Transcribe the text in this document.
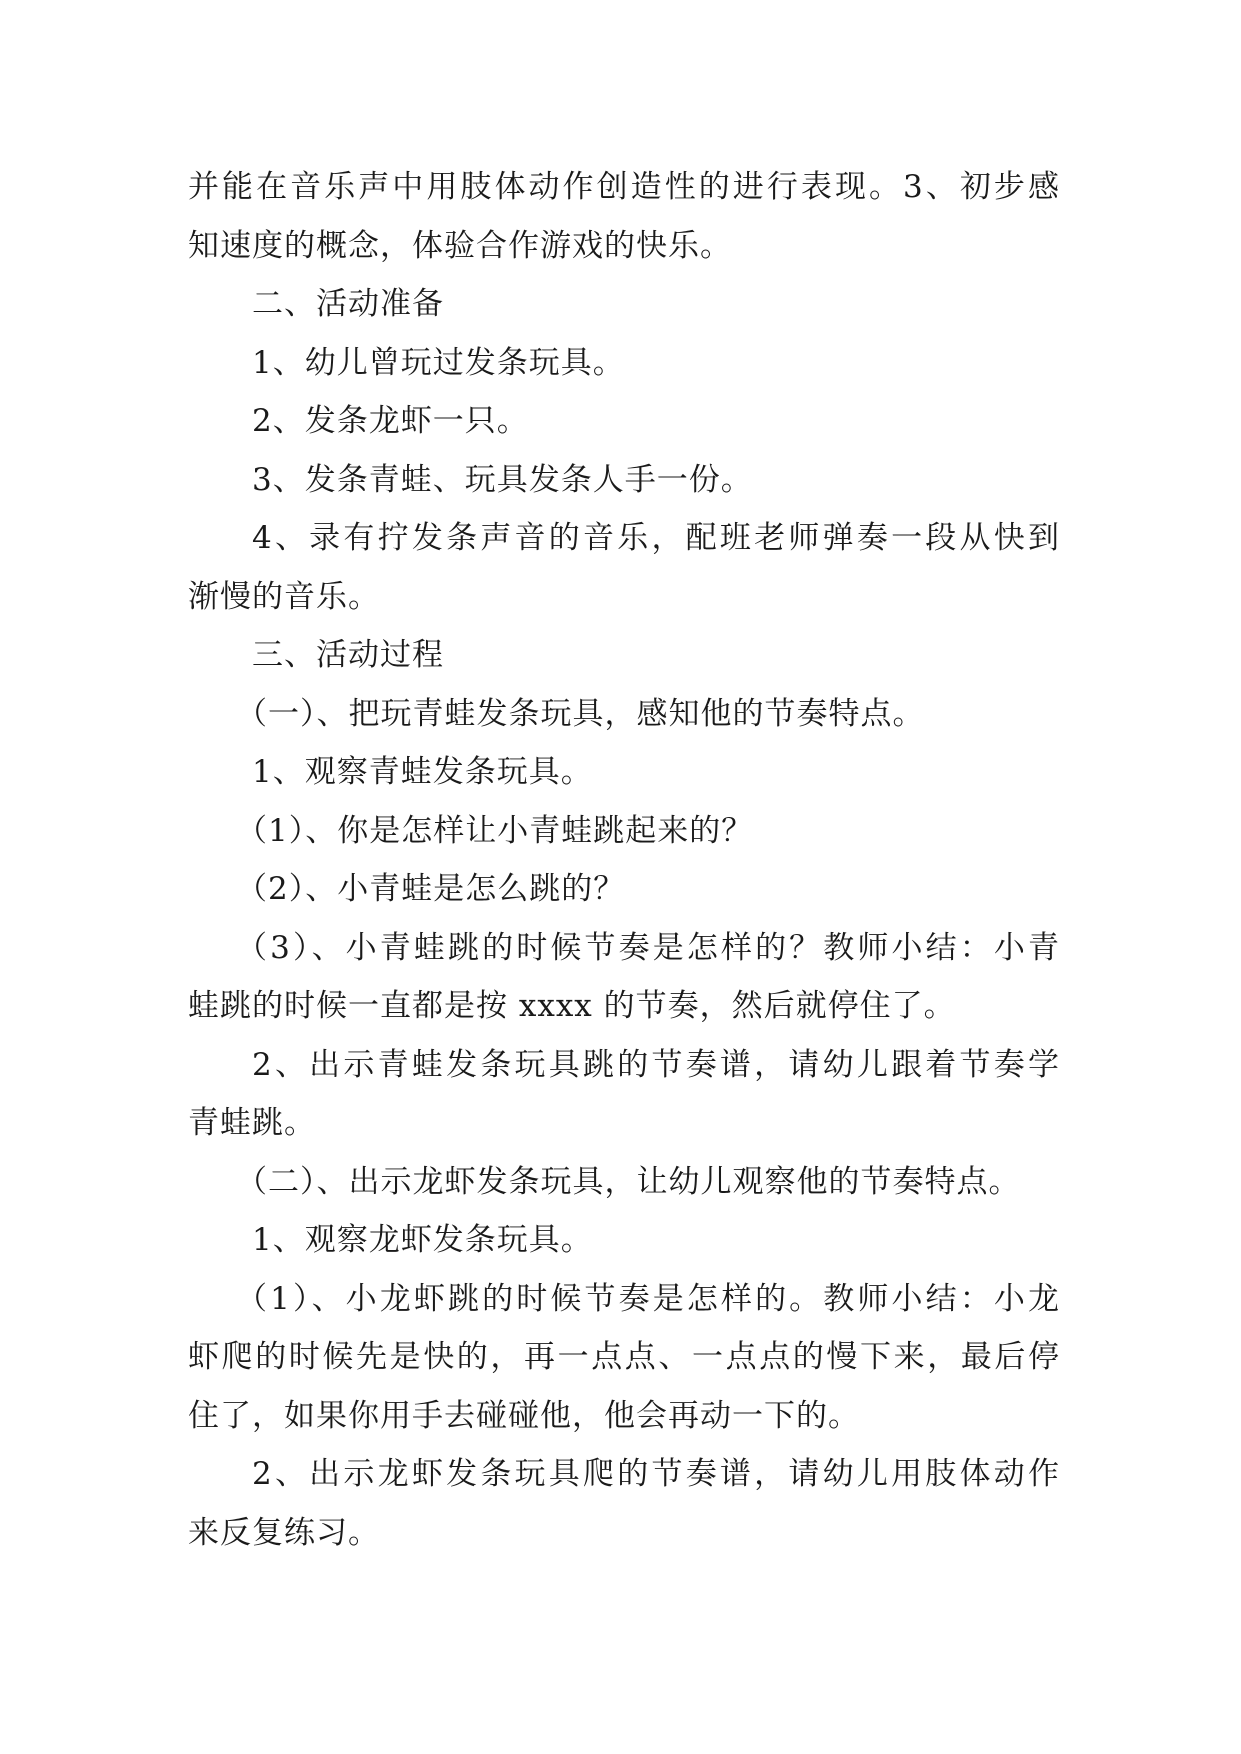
并能在音乐声中用肢体动作创造性的进行表现。3、初步感
知速度的概念，体验合作游戏的快乐。
二、活动准备
1、幼儿曾玩过发条玩具。
2、发条龙虾一只。
3、发条青蛙、玩具发条人手一份。
4、录有拧发条声音的音乐，配班老师弹奏一段从快到
渐慢的音乐。
三、活动过程
（一）、把玩青蛙发条玩具，感知他的节奏特点。
1、观察青蛙发条玩具。
（1）、你是怎样让小青蛙跳起来的？
（2）、小青蛙是怎么跳的？
（3）、小青蛙跳的时候节奏是怎样的？教师小结：小青
蛙跳的时候一直都是按 xxxx 的节奏，然后就停住了。
2、出示青蛙发条玩具跳的节奏谱，请幼儿跟着节奏学
青蛙跳。
（二）、出示龙虾发条玩具，让幼儿观察他的节奏特点。
1、观察龙虾发条玩具。
（1）、小龙虾跳的时候节奏是怎样的。教师小结：小龙
虾爬的时候先是快的，再一点点、一点点的慢下来，最后停
住了，如果你用手去碰碰他，他会再动一下的。
2、出示龙虾发条玩具爬的节奏谱，请幼儿用肢体动作
来反复练习。
